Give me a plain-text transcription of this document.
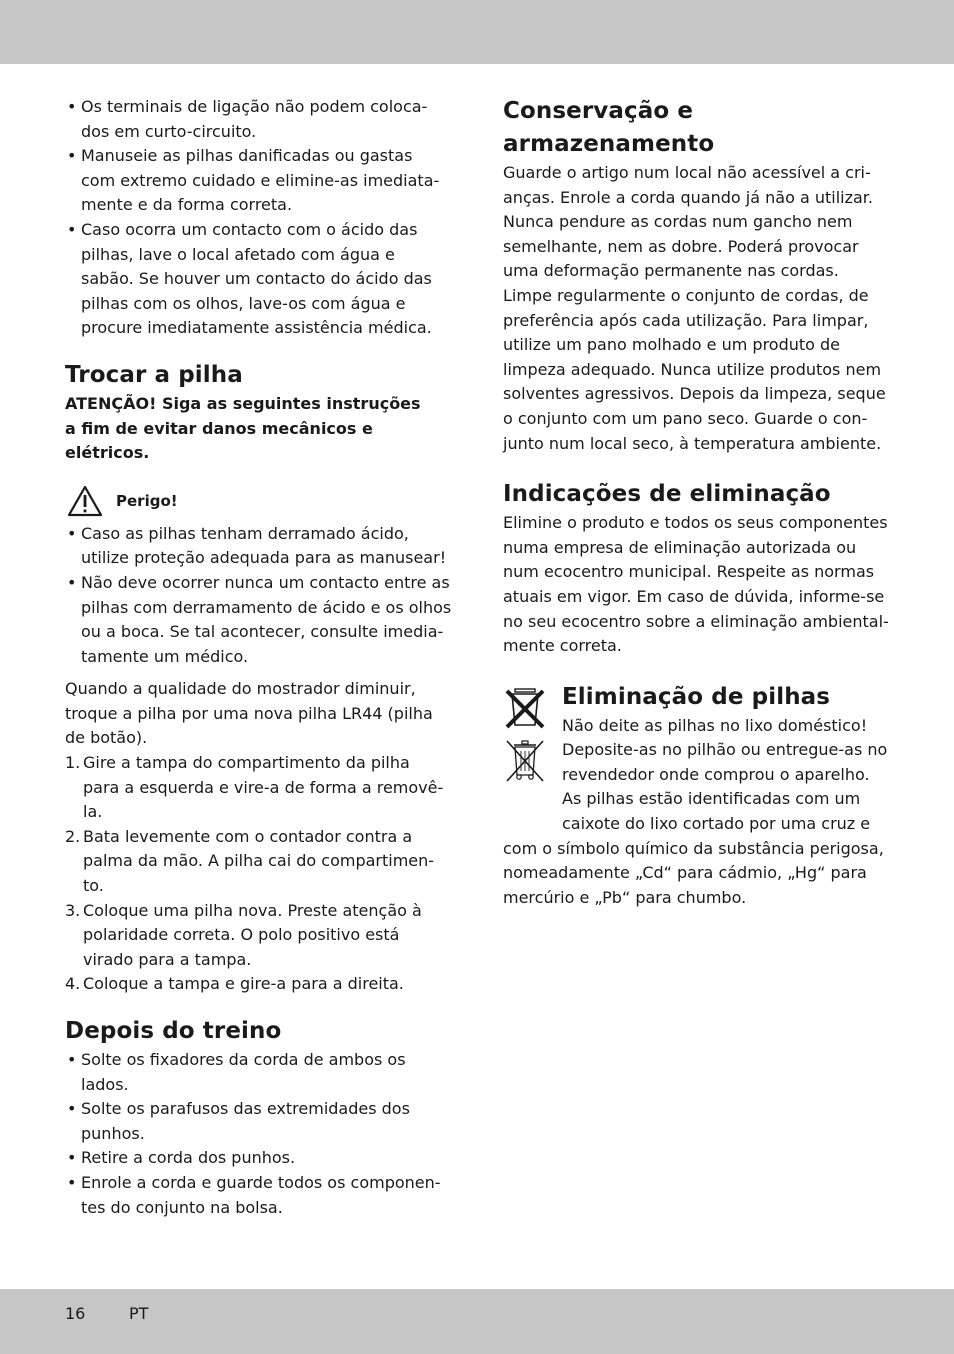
• Os terminais de ligação não podem coloca-
dos em curto-circuito.
• Manuseie as pilhas danificadas ou gastas
com extremo cuidado e elimine-as imediata-
mente e da forma correta.
• Caso ocorra um contacto com o ácido das
pilhas, lave o local afetado com água e
sabão. Se houver um contacto do ácido das
pilhas com os olhos, lave-os com água e
procure imediatamente assistência médica.
Trocar a pilha

ATENÇÃO! Siga as seguintes instruções
a fim de evitar danos mecânicos e
elétricos.

Perigo!
• Caso as pilhas tenham derramado ácido,
utilize proteção adequada para as manusear!
• Não deve ocorrer nunca um contacto entre as
pilhas com derramamento de ácido e os olhos
ou a boca. Se tal acontecer, consulte imedia-
tamente um médico.

Quando a qualidade do mostrador diminuir,
troque a pilha por uma nova pilha LR44 (pilha
de botão).

1. Gire a tampa do compartimento da pilha
para a esquerda e vire-a de forma a removê-
la.
2. Bata levemente com o contador contra a
palma da mão. A pilha cai do compartimen-
to.
3. Coloque uma pilha nova. Preste atenção à
polaridade correta. O polo positivo está
virado para a tampa.
4. Coloque a tampa e gire-a para a direita.
Depois do treino
• Solte os fixadores da corda de ambos os
lados.
• Solte os parafusos das extremidades dos
punhos.
• Retire a corda dos punhos.
• Enrole a corda e guarde todos os componen-
tes do conjunto na bolsa.
Conservação e
armazenamento

Guarde o artigo num local não acessível a cri-
anças. Enrole a corda quando já não a utilizar.
Nunca pendure as cordas num gancho nem
semelhante, nem as dobre. Poderá provocar
uma deformação permanente nas cordas.
Limpe regularmente o conjunto de cordas, de
preferência após cada utilização. Para limpar,
utilize um pano molhado e um produto de
limpeza adequado. Nunca utilize produtos nem
solventes agressivos. Depois da limpeza, seque
o conjunto com um pano seco. Guarde o con-
junto num local seco, à temperatura ambiente.

Indicações de eliminação

Elimine o produto e todos os seus componentes
numa empresa de eliminação autorizada ou
num ecocentro municipal. Respeite as normas
atuais em vigor. Em caso de dúvida, informe-se
no seu ecocentro sobre a eliminação ambiental-
mente correta.

Eliminação de pilhas

Não deite as pilhas no lixo doméstico!
Deposite-as no pilhão ou entregue-as no
revendedor onde comprou o aparelho.
As pilhas estão identificadas com um
caixote do lixo cortado por uma cruz e

com o símbolo químico da substância perigosa,
nomeadamente „Cd“ para cádmio, „Hg“ para
mercúrio e „Pb“ para chumbo.

16	PT
